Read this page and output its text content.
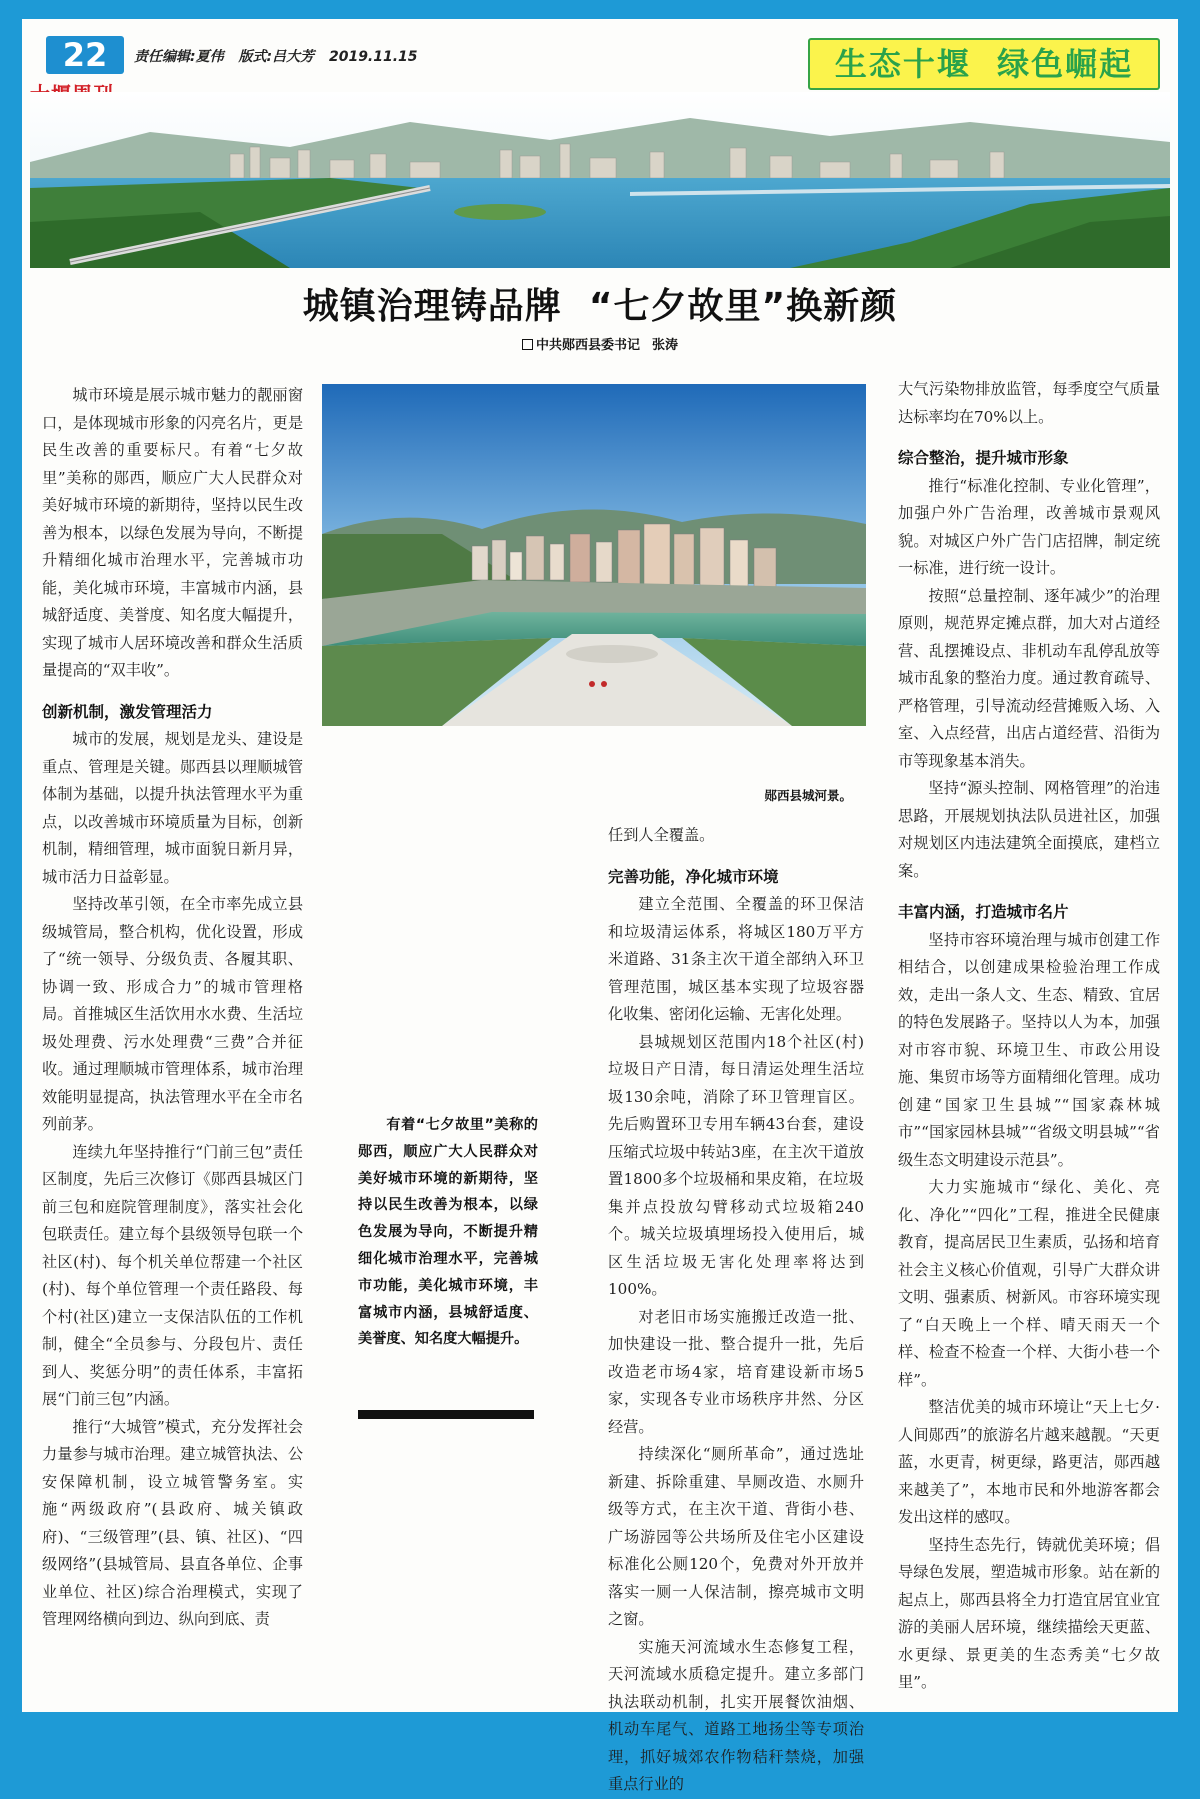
22	责任编辑:夏伟 版式:吕大芳 2019.11.15	生态十堰  绿色崛起
城镇治理铸品牌  “七夕故里”换新颜
中共郧西县委书记 张涛

城市环境是展示城市魅力的靓丽窗口，是体现城市形象的闪亮名片，更是民生改善的重要标尺。有着“七夕故里”美称的郧西，顺应广大人民群众对美好城市环境的新期待，坚持以民生改善为根本，以绿色发展为导向，不断提升精细化城市治理水平，完善城市功能，美化城市环境，丰富城市内涵，县城舒适度、美誉度、知名度大幅提升，实现了城市人居环境改善和群众生活质量提高的“双丰收”。

创新机制，激发管理活力

城市的发展，规划是龙头、建设是重点、管理是关键。郧西县以理顺城管体制为基础，以提升执法管理水平为重点，以改善城市环境质量为目标，创新机制，精细管理，城市面貌日新月异，城市活力日益彰显。

坚持改革引领，在全市率先成立县级城管局，整合机构，优化设置，形成了“统一领导、分级负责、各履其职、协调一致、形成合力”的城市管理格局。首推城区生活饮用水水费、生活垃圾处理费、污水处理费“三费”合并征收。通过理顺城市管理体系，城市治理效能明显提高，执法管理水平在全市名列前茅。

连续九年坚持推行“门前三包”责任区制度，先后三次修订《郧西县城区门前三包和庭院管理制度》，落实社会化包联责任。建立每个县级领导包联一个社区(村)、每个机关单位帮建一个社区(村)、每个单位管理一个责任路段、每个村(社区)建立一支保洁队伍的工作机制，健全“全员参与、分段包片、责任到人、奖惩分明”的责任体系，丰富拓展“门前三包”内涵。

推行“大城管”模式，充分发挥社会力量参与城市治理。建立城管执法、公安保障机制，设立城管警务室。实施“两级政府”(县政府、城关镇政府)、“三级管理”(县、镇、社区)、“四级网络”(县城管局、县直各单位、企事业单位、社区)综合治理模式，实现了管理网络横向到边、纵向到底、责

郧西县城河景。

有着“七夕故里”美称的郧西，顺应广大人民群众对美好城市环境的新期待，坚持以民生改善为根本，以绿色发展为导向，不断提升精细化城市治理水平，完善城市功能，美化城市环境，丰富城市内涵，县城舒适度、美誉度、知名度大幅提升。

任到人全覆盖。

完善功能，净化城市环境

建立全范围、全覆盖的环卫保洁和垃圾清运体系，将城区180万平方米道路、31条主次干道全部纳入环卫管理范围，城区基本实现了垃圾容器化收集、密闭化运输、无害化处理。

县城规划区范围内18个社区(村)垃圾日产日清，每日清运处理生活垃圾130余吨，消除了环卫管理盲区。先后购置环卫专用车辆43台套，建设压缩式垃圾中转站3座，在主次干道放置1800多个垃圾桶和果皮箱，在垃圾集并点投放勾臂移动式垃圾箱240个。城关垃圾填埋场投入使用后，城区生活垃圾无害化处理率将达到100%。

对老旧市场实施搬迁改造一批、加快建设一批、整合提升一批，先后改造老市场4家，培育建设新市场5家，实现各专业市场秩序井然、分区经营。

持续深化“厕所革命”，通过选址新建、拆除重建、旱厕改造、水厕升级等方式，在主次干道、背街小巷、广场游园等公共场所及住宅小区建设标准化公厕120个，免费对外开放并落实一厕一人保洁制，擦亮城市文明之窗。

实施天河流域水生态修复工程，天河流域水质稳定提升。建立多部门执法联动机制，扎实开展餐饮油烟、机动车尾气、道路工地扬尘等专项治理，抓好城郊农作物秸秆禁烧，加强重点行业的

大气污染物排放监管，每季度空气质量达标率均在70%以上。

综合整治，提升城市形象

推行“标准化控制、专业化管理”，加强户外广告治理，改善城市景观风貌。对城区户外广告门店招牌，制定统一标准，进行统一设计。

按照“总量控制、逐年减少”的治理原则，规范界定摊点群，加大对占道经营、乱摆摊设点、非机动车乱停乱放等城市乱象的整治力度。通过教育疏导、严格管理，引导流动经营摊贩入场、入室、入点经营，出店占道经营、沿街为市等现象基本消失。

坚持“源头控制、网格管理”的治违思路，开展规划执法队员进社区，加强对规划区内违法建筑全面摸底，建档立案。

丰富内涵，打造城市名片

坚持市容环境治理与城市创建工作相结合，以创建成果检验治理工作成效，走出一条人文、生态、精致、宜居的特色发展路子。坚持以人为本，加强对市容市貌、环境卫生、市政公用设施、集贸市场等方面精细化管理。成功创建“国家卫生县城”“国家森林城市”“国家园林县城”“省级文明县城”“省级生态文明建设示范县”。

大力实施城市“绿化、美化、亮化、净化”“四化”工程，推进全民健康教育，提高居民卫生素质，弘扬和培育社会主义核心价值观，引导广大群众讲文明、强素质、树新风。市容环境实现了“白天晚上一个样、晴天雨天一个样、检查不检查一个样、大街小巷一个样”。

整洁优美的城市环境让“天上七夕·人间郧西”的旅游名片越来越靓。“天更蓝，水更青，树更绿，路更洁，郧西越来越美了”，本地市民和外地游客都会发出这样的感叹。

坚持生态先行，铸就优美环境；倡导绿色发展，塑造城市形象。站在新的起点上，郧西县将全力打造宜居宜业宜游的美丽人居环境，继续描绘天更蓝、水更绿、景更美的生态秀美“七夕故里”。
